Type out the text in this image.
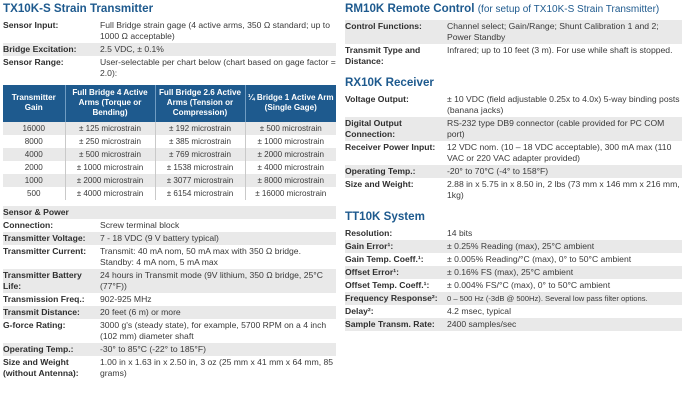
TX10K-S Strain Transmitter
Sensor Input:	Full Bridge strain gage (4 active arms, 350 Ω standard; up to 1000 Ω acceptable)
Bridge Excitation:	2.5 VDC, ± 0.1%
Sensor Range:	User-selectable per chart below (chart based on gage factor = 2.0):
Transmitter Gain	Full Bridge 4 Active Arms (Torque or Bending)	Full Bridge 2.6 Active Arms (Tension or Compression)	¼ Bridge 1 Active Arm (Single Gage)
16000	± 125 microstrain	± 192 microstrain	± 500 microstrain
8000	± 250 microstrain	± 385 microstrain	± 1000 microstrain
4000	± 500 microstrain	± 769 microstrain	± 2000 microstrain
2000	± 1000 microstrain	± 1538 microstrain	± 4000 microstrain
1000	± 2000 microstrain	± 3077 microstrain	± 8000 microstrain
500	± 4000 microstrain	± 6154 microstrain	± 16000 microstrain
Sensor & Power
Connection:	Screw terminal block
Transmitter Voltage:	7 - 18 VDC (9 V battery typical)
Transmitter Current:	Transmit: 40 mA nom, 50 mA max with 350 Ω bridge. Standby: 4 mA nom, 5 mA max
Transmitter Battery Life:
24 hours in Transmit mode (9V lithium, 350 Ω bridge, 25°C (77°F))
Transmission Freq.:	902-925 MHz
Transmit Distance:	20 feet (6 m) or more
G-force Rating:	3000 g's (steady state), for example, 5700 RPM on a 4 inch (102 mm) diameter shaft
Operating Temp.:	-30° to 85°C (-22° to 185°F)
Size and Weight (without Antenna):
1.00 in x 1.63 in x 2.50 in, 3 oz (25 mm x 41 mm x 64 mm, 85 grams)
RM10K Remote Control (for setup of TX10K-S Strain Transmitter)
Control Functions:	Channel select; Gain/Range; Shunt Calibration 1 and 2; Power Standby
Transmit Type and Distance:
Infrared; up to 10 feet (3 m). For use while shaft is stopped.
RX10K Receiver
Voltage Output:	± 10 VDC (field adjustable 0.25x to 4.0x) 5-way binding posts (banana jacks)
Digital Output Connection:
RS-232 type DB9 connector (cable provided for PC COM port)
Receiver Power Input:	12 VDC nom. (10 – 18 VDC acceptable), 300 mA max (110 VAC or 220 VAC adapter provided)
Operating Temp.:	-20° to 70°C (-4° to 158°F)
Size and Weight:	2.88 in x 5.75 in x 8.50 in, 2 lbs (73 mm x 146 mm x 216 mm, 1kg)
TT10K System
Resolution:	14 bits
Gain Error¹:	± 0.25% Reading (max), 25°C ambient
Gain Temp. Coeff.¹:	± 0.005% Reading/°C (max), 0° to 50°C ambient
Offset Error¹:	± 0.16% FS (max), 25°C ambient
Offset Temp. Coeff.¹:	± 0.004% FS/°C (max), 0° to 50°C ambient
Frequency Response²:	0 – 500 Hz (-3dB @ 500Hz). Several low pass filter options.
Delay²:	4.2 msec, typical
Sample Transm. Rate:	2400 samples/sec
